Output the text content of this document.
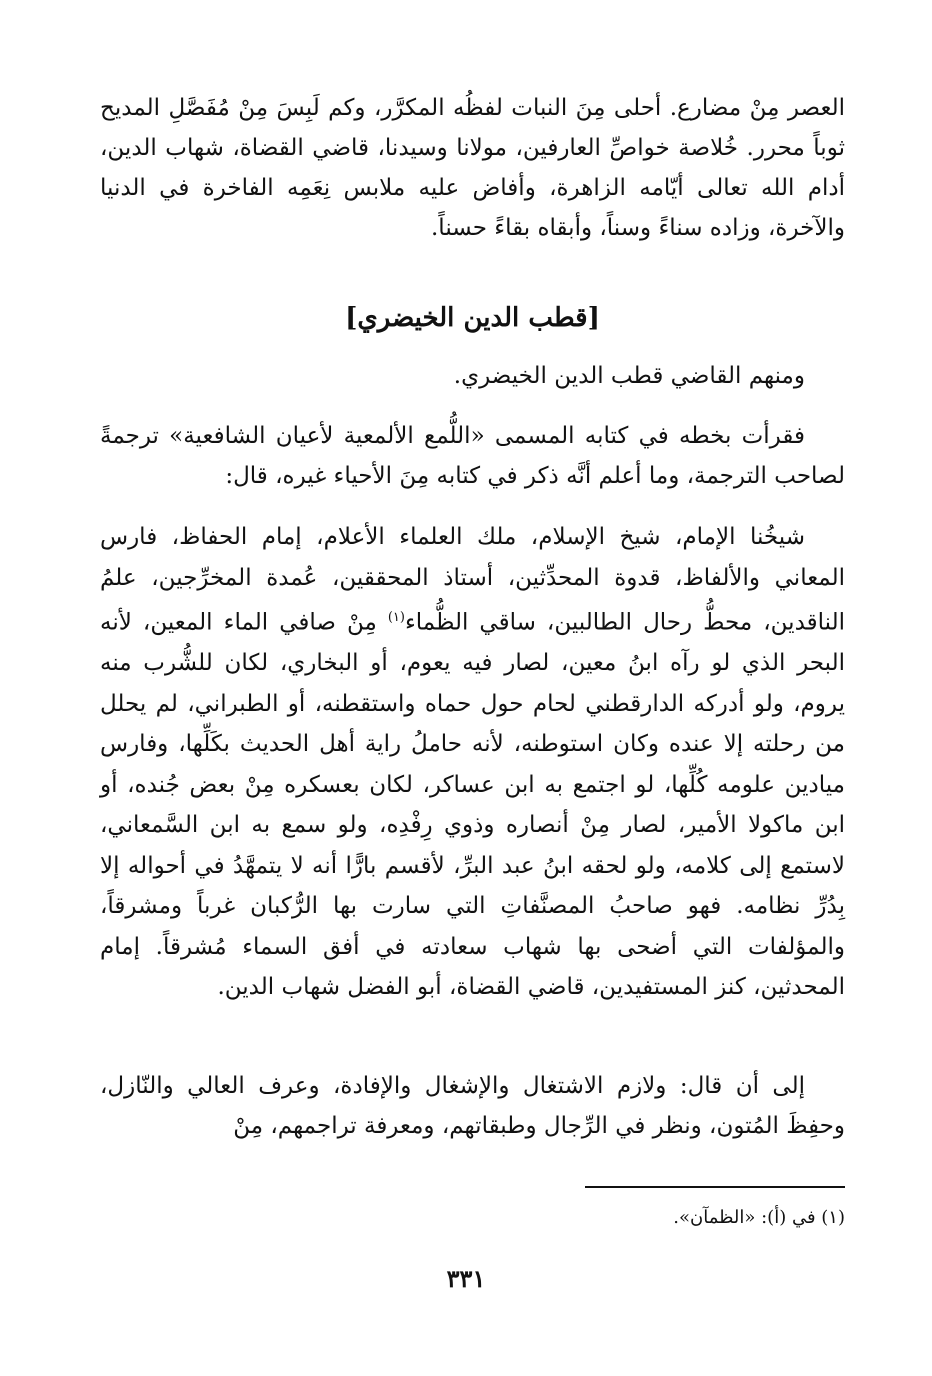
العصر مِنْ مضارع. أحلى مِنَ النبات لفظُه المكرَّر، وكم لَبِسَ مِنْ مُفَصَّلِ المديح ثوباً محرر. خُلاصة خواصِّ العارفين، مولانا وسيدنا، قاضي القضاة، شهاب الدين، أدام الله تعالى أيّامه الزاهرة، وأفاض عليه ملابس نِعَمِه الفاخرة في الدنيا والآخرة، وزاده سناءً وسناً، وأبقاه بقاءً حسناً.

[قطب الدين الخيضري]

ومنهم القاضي قطب الدين الخيضري.

فقرأت بخطه في كتابه المسمى «اللُّمع الألمعية لأعيان الشافعية» ترجمةً لصاحب الترجمة، وما أعلم أنَّه ذكر في كتابه مِنَ الأحياء غيره، قال:

شيخُنا الإمام، شيخ الإسلام، ملك العلماء الأعلام، إمام الحفاظ، فارس المعاني والألفاظ، قدوة المحدِّثين، أستاذ المحققين، عُمدة المخرِّجين، علمُ الناقدين، محطُّ رحال الطالبين، ساقي الظُّماء$^{(١)}$ مِنْ صافي الماء المعين، لأنه البحر الذي لو رآه ابنُ معين، لصار فيه يعوم، أو البخاري، لكان للشُّرب منه يروم، ولو أدركه الدارقطني لحام حول حماه واستقطنه، أو الطبراني، لم يحلل من رحلته إلا عنده وكان استوطنه، لأنه حاملُ راية أهل الحديث بكَلِّها، وفارس ميادين علومه كُلِّها، لو اجتمع به ابن عساكر، لكان بعسكره مِنْ بعض جُنده، أو ابن ماكولا الأمير، لصار مِنْ أنصاره وذوي رِفْدِه، ولو سمع به ابن السَّمعاني، لاستمع إلى كلامه، ولو لحقه ابنُ عبد البرِّ، لأقسم بارًّا أنه لا يتمهَّدُ في أحواله إلا بِدُرِّ نظامه. فهو صاحبُ المصنَّفاتِ التي سارت بها الرُّكبان غرباً ومشرقاً، والمؤلفات التي أضحى بها شهاب سعادته في أفق السماء مُشرقاً. إمام المحدثين، كنز المستفيدين، قاضي القضاة، أبو الفضل شهاب الدين.

إلى أن قال: ولازم الاشتغال والإشغال والإفادة، وعرف العالي والنّازل، وحفِظَ المُتون، ونظر في الرِّجال وطبقاتهم، ومعرفة تراجمهم، مِنْ

(١) في (أ): «الظمآن».
٣٣١
